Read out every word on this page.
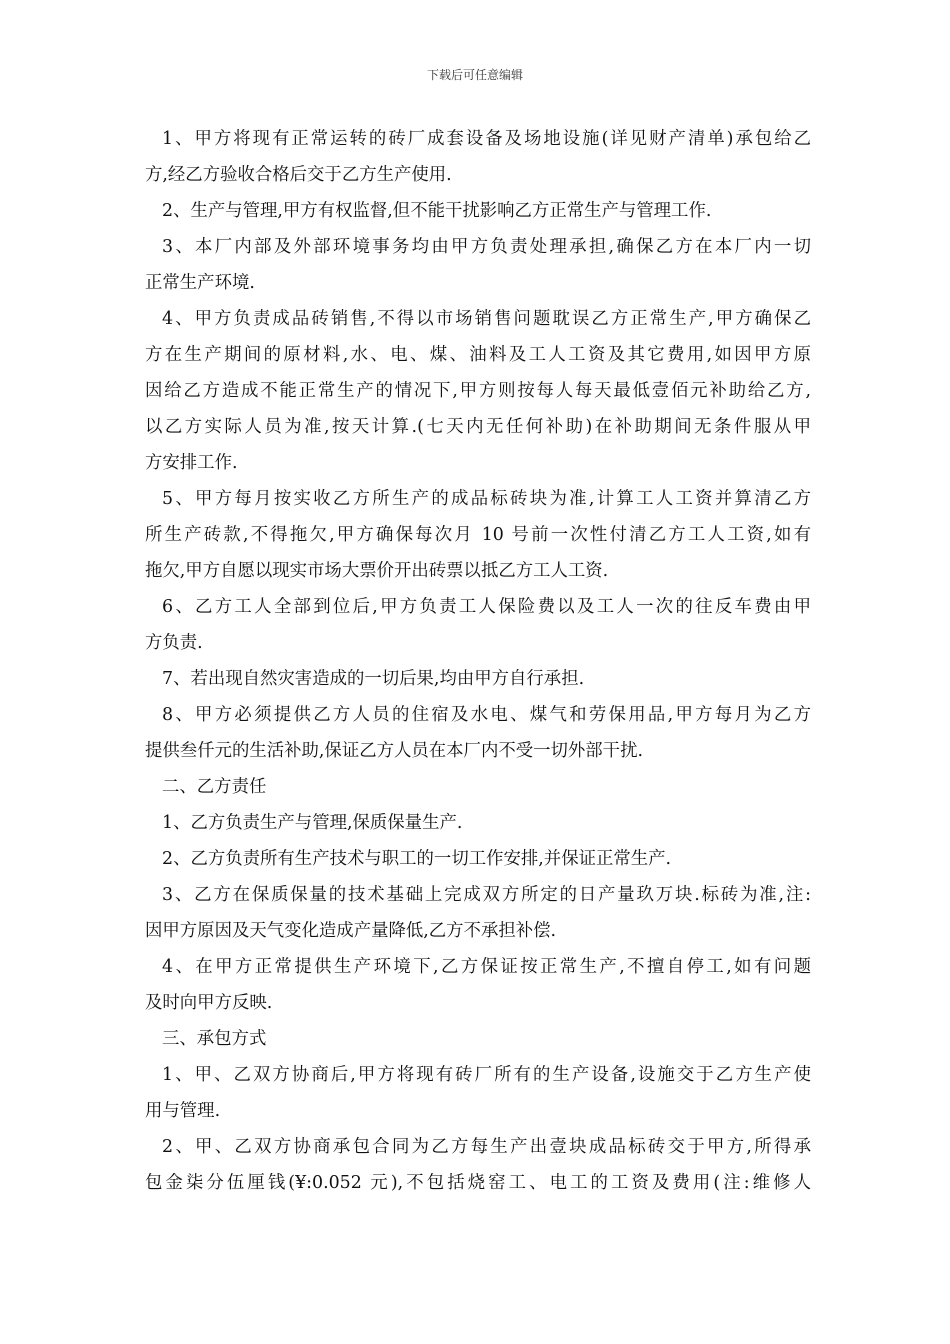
下载后可任意编辑
1、甲方将现有正常运转的砖厂成套设备及场地设施(详见财产清单)承包给乙
方,经乙方验收合格后交于乙方生产使用.
2、生产与管理,甲方有权监督,但不能干扰影响乙方正常生产与管理工作.
3、本厂内部及外部环境事务均由甲方负责处理承担,确保乙方在本厂内一切
正常生产环境.
4、甲方负责成品砖销售,不得以市场销售问题耽误乙方正常生产,甲方确保乙
方在生产期间的原材料,水、电、煤、油料及工人工资及其它费用,如因甲方原
因给乙方造成不能正常生产的情况下,甲方则按每人每天最低壹佰元补助给乙方,
以乙方实际人员为准,按天计算.(七天内无任何补助)在补助期间无条件服从甲
方安排工作.
5、甲方每月按实收乙方所生产的成品标砖块为准,计算工人工资并算清乙方
所生产砖款,不得拖欠,甲方确保每次月 10 号前一次性付清乙方工人工资,如有
拖欠,甲方自愿以现实市场大票价开出砖票以抵乙方工人工资.
6、乙方工人全部到位后,甲方负责工人保险费以及工人一次的往反车费由甲
方负责.
7、若出现自然灾害造成的一切后果,均由甲方自行承担.
8、甲方必须提供乙方人员的住宿及水电、煤气和劳保用品,甲方每月为乙方
提供叁仟元的生活补助,保证乙方人员在本厂内不受一切外部干扰.
二、乙方责任
1、乙方负责生产与管理,保质保量生产.
2、乙方负责所有生产技术与职工的一切工作安排,并保证正常生产.
3、乙方在保质保量的技术基础上完成双方所定的日产量玖万块.标砖为准,注:
因甲方原因及天气变化造成产量降低,乙方不承担补偿.
4、在甲方正常提供生产环境下,乙方保证按正常生产,不擅自停工,如有问题
及时向甲方反映.
三、承包方式
1、甲、乙双方协商后,甲方将现有砖厂所有的生产设备,设施交于乙方生产使
用与管理.
2、甲、乙双方协商承包合同为乙方每生产出壹块成品标砖交于甲方,所得承
包金柒分伍厘钱(¥:0.052 元),不包括烧窑工、电工的工资及费用(注:维修人
